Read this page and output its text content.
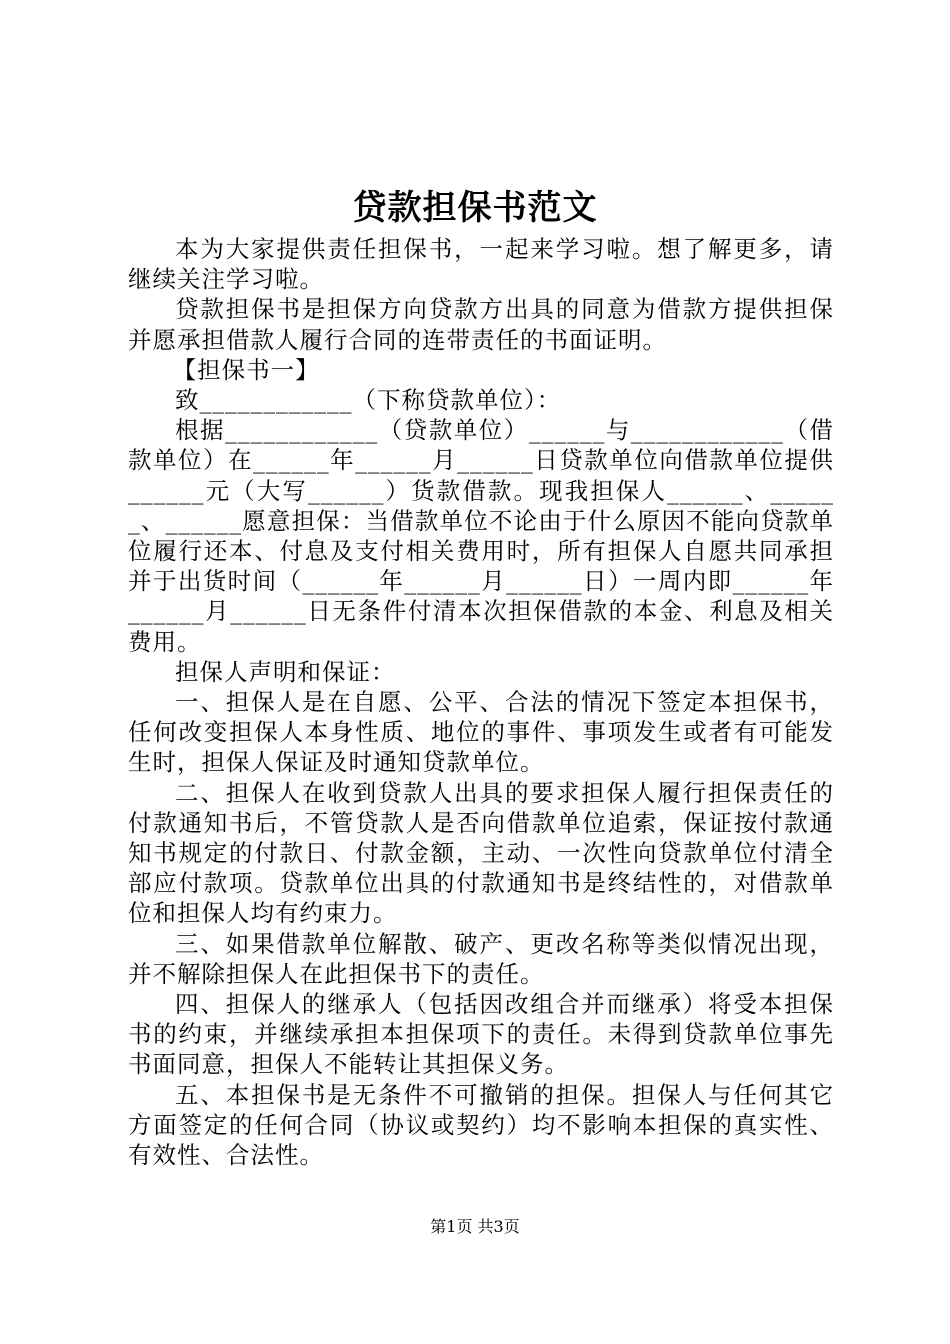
贷款担保书范文

本为大家提供责任担保书，一起来学习啦。想了解更多，请继续关注学习啦。

贷款担保书是担保方向贷款方出具的同意为借款方提供担保并愿承担借款人履行合同的连带责任的书面证明。

【担保书一】

致____________（下称贷款单位）：

根据____________（贷款单位）______与____________（借款单位）在______年______月______日贷款单位向借款单位提供______元（大写______）货款借款。现我担保人______、______、______愿意担保：当借款单位不论由于什么原因不能向贷款单位履行还本、付息及支付相关费用时，所有担保人自愿共同承担并于出货时间（______年______月______日）一周内即______年______月______日无条件付清本次担保借款的本金、利息及相关费用。

担保人声明和保证：

一、担保人是在自愿、公平、合法的情况下签定本担保书，任何改变担保人本身性质、地位的事件、事项发生或者有可能发生时，担保人保证及时通知贷款单位。

二、担保人在收到贷款人出具的要求担保人履行担保责任的付款通知书后，不管贷款人是否向借款单位追索，保证按付款通知书规定的付款日、付款金额，主动、一次性向贷款单位付清全部应付款项。贷款单位出具的付款通知书是终结性的，对借款单位和担保人均有约束力。

三、如果借款单位解散、破产、更改名称等类似情况出现，并不解除担保人在此担保书下的责任。

四、担保人的继承人（包括因改组合并而继承）将受本担保书的约束，并继续承担本担保项下的责任。未得到贷款单位事先书面同意，担保人不能转让其担保义务。

五、本担保书是无条件不可撤销的担保。担保人与任何其它方面签定的任何合同（协议或契约）均不影响本担保的真实性、有效性、合法性。

第1页 共3页
